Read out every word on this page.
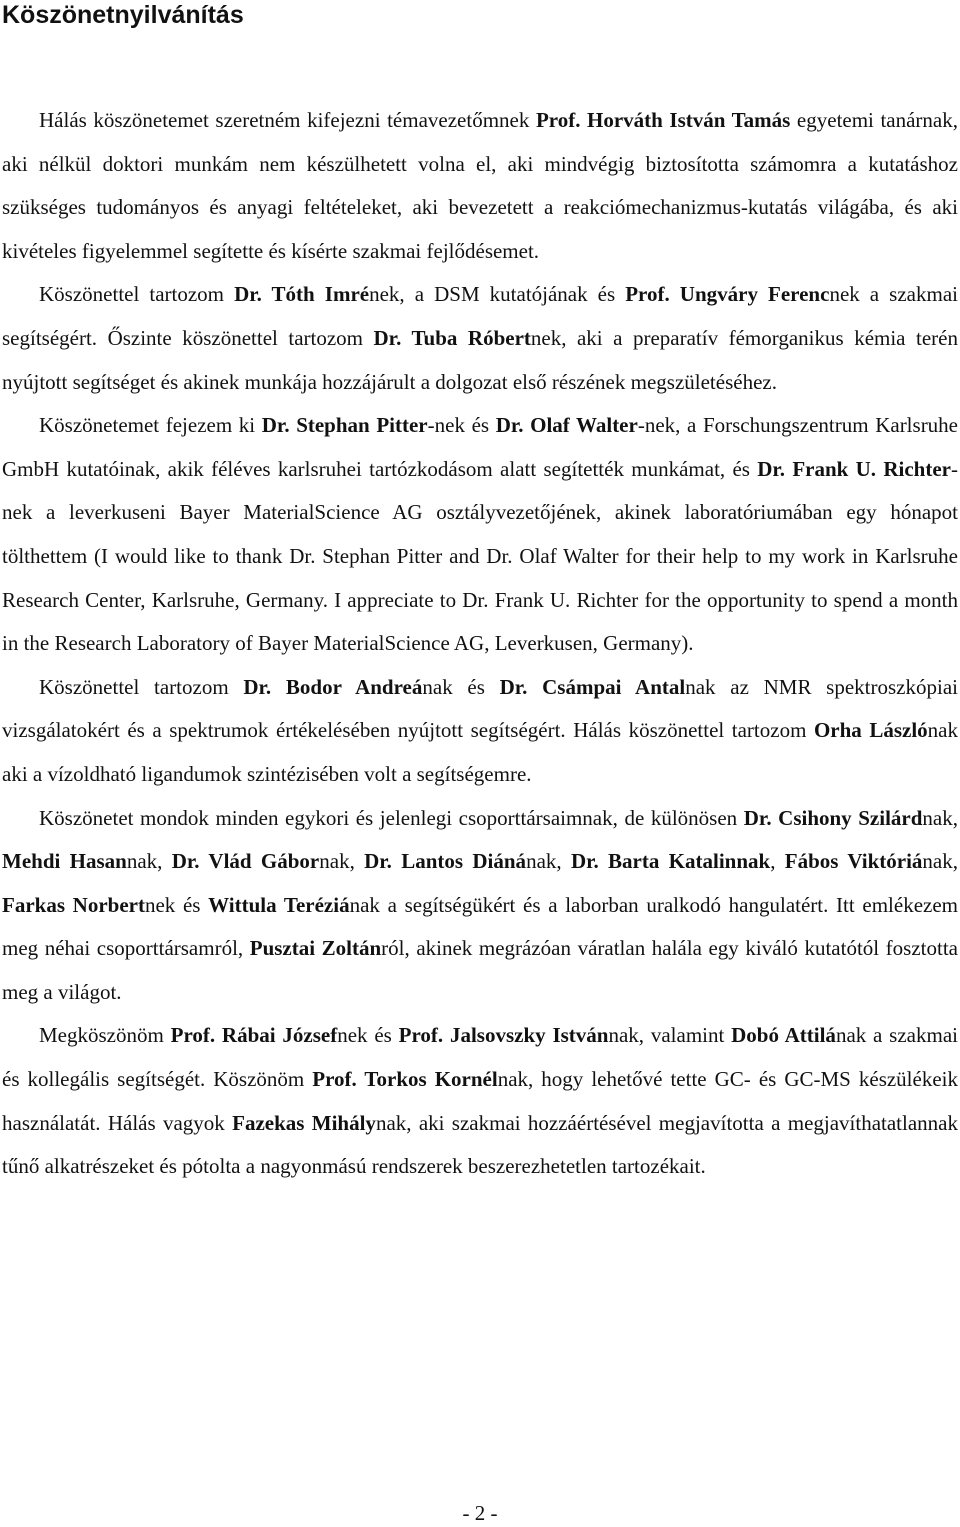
Köszönetnyilvánítás

Hálás köszönetemet szeretném kifejezni témavezetőmnek Prof. Horváth István Tamás egyetemi tanárnak, aki nélkül doktori munkám nem készülhetett volna el, aki mindvégig biztosította számomra a kutatáshoz szükséges tudományos és anyagi feltételeket, aki bevezetett a reakciómechanizmus-kutatás világába, és aki kivételes figyelemmel segítette és kísérte szakmai fejlődésemet.

Köszönettel tartozom Dr. Tóth Imrének, a DSM kutatójának és Prof. Ungváry Ferencnek a szakmai segítségért. Őszinte köszönettel tartozom Dr. Tuba Róbertnek, aki a preparatív fémorganikus kémia terén nyújtott segítséget és akinek munkája hozzájárult a dolgozat első részének megszületéséhez.

Köszönetemet fejezem ki Dr. Stephan Pitter-nek és Dr. Olaf Walter-nek, a Forschungszentrum Karlsruhe GmbH kutatóinak, akik féléves karlsruhei tartózkodásom alatt segítették munkámat, és Dr. Frank U. Richter-nek a leverkuseni Bayer MaterialScience AG osztályvezetőjének, akinek laboratóriumában egy hónapot tölthettem (I would like to thank Dr. Stephan Pitter and Dr. Olaf Walter for their help to my work in Karlsruhe Research Center, Karlsruhe, Germany. I appreciate to Dr. Frank U. Richter for the opportunity to spend a month in the Research Laboratory of Bayer MaterialScience AG, Leverkusen, Germany).

Köszönettel tartozom Dr. Bodor Andreának és Dr. Csámpai Antalnak az NMR spektroszkópiai vizsgálatokért és a spektrumok értékelésében nyújtott segítségért. Hálás köszönettel tartozom Orha Lászlónak aki a vízoldható ligandumok szintézisében volt a segítségemre.

Köszönetet mondok minden egykori és jelenlegi csoporttársaimnak, de különösen Dr. Csihony Szilárdnak, Mehdi Hasannak, Dr. Vlád Gábornak, Dr. Lantos Diánának, Dr. Barta Katalinnak, Fábos Viktóriának, Farkas Norbertnek és Wittula Teréziának a segítségükért és a laborban uralkodó hangulatért. Itt emlékezem meg néhai csoporttársamról, Pusztai Zoltánról, akinek megrázóan váratlan halála egy kiváló kutatótól fosztotta meg a világot.

Megköszönöm Prof. Rábai Józsefnek és Prof. Jalsovszky Istvánnak, valamint Dobó Attilának a szakmai és kollegális segítségét. Köszönöm Prof. Torkos Kornélnak, hogy lehetővé tette GC- és GC-MS készülékeik használatát. Hálás vagyok Fazekas Mihálynak, aki szakmai hozzáértésével megjavította a megjavíthatatlannak tűnő alkatrészeket és pótolta a nagyonmású rendszerek beszerezhetetlen tartozékait.

- 2 -
